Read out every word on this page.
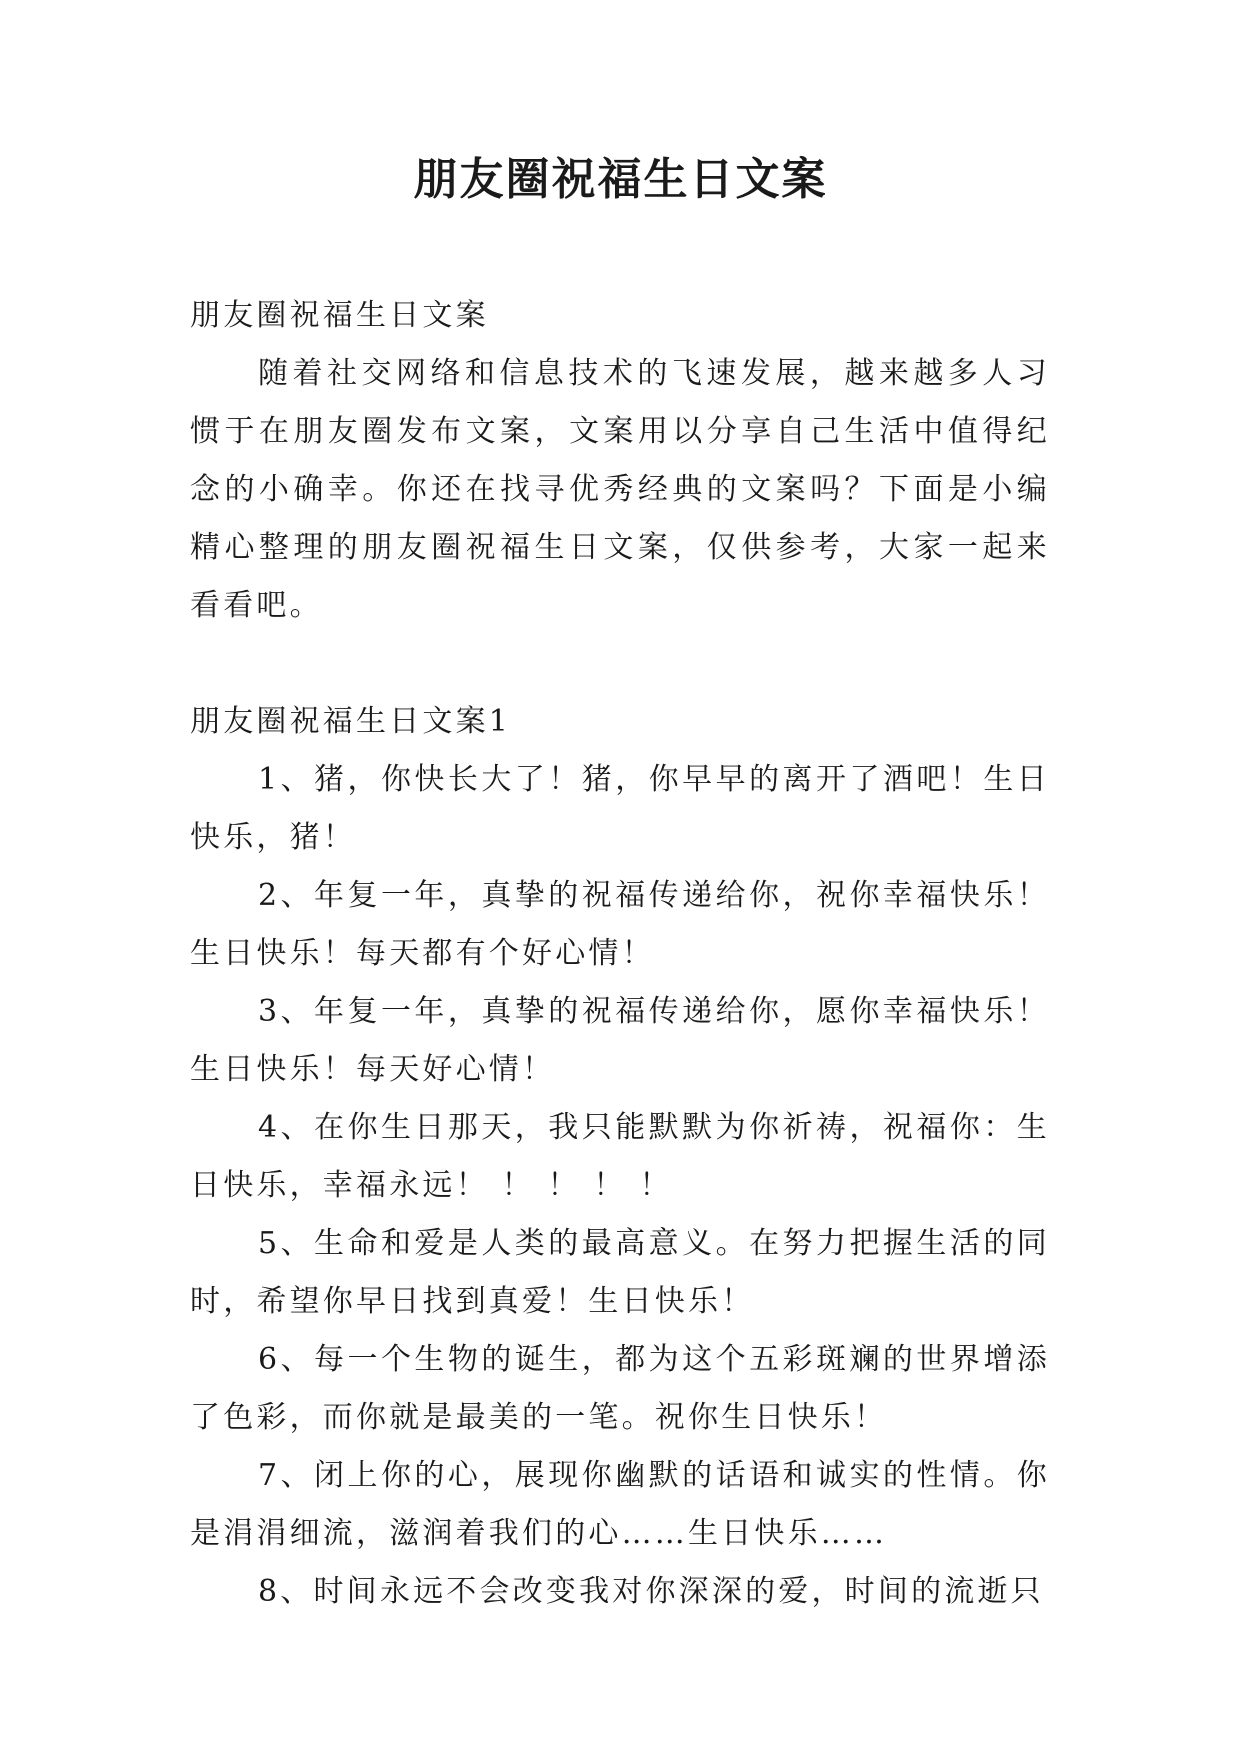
朋友圈祝福生日文案

朋友圈祝福生日文案

随着社交网络和信息技术的飞速发展，越来越多人习惯于在朋友圈发布文案，文案用以分享自己生活中值得纪念的小确幸。你还在找寻优秀经典的文案吗？下面是小编精心整理的朋友圈祝福生日文案，仅供参考，大家一起来看看吧。

朋友圈祝福生日文案1

1、猪，你快长大了！猪，你早早的离开了酒吧！生日快乐，猪！

2、年复一年，真挚的祝福传递给你，祝你幸福快乐！生日快乐！每天都有个好心情！

3、年复一年，真挚的祝福传递给你，愿你幸福快乐！生日快乐！每天好心情！

4、在你生日那天，我只能默默为你祈祷，祝福你：生日快乐，幸福永远！ ！ ！ ！ ！

5、生命和爱是人类的最高意义。在努力把握生活的同时，希望你早日找到真爱！生日快乐！

6、每一个生物的诞生，都为这个五彩斑斓的世界增添了色彩，而你就是最美的一笔。祝你生日快乐！

7、闭上你的心，展现你幽默的话语和诚实的性情。你是涓涓细流，滋润着我们的心……生日快乐……

8、时间永远不会改变我对你深深的爱，时间的流逝只
